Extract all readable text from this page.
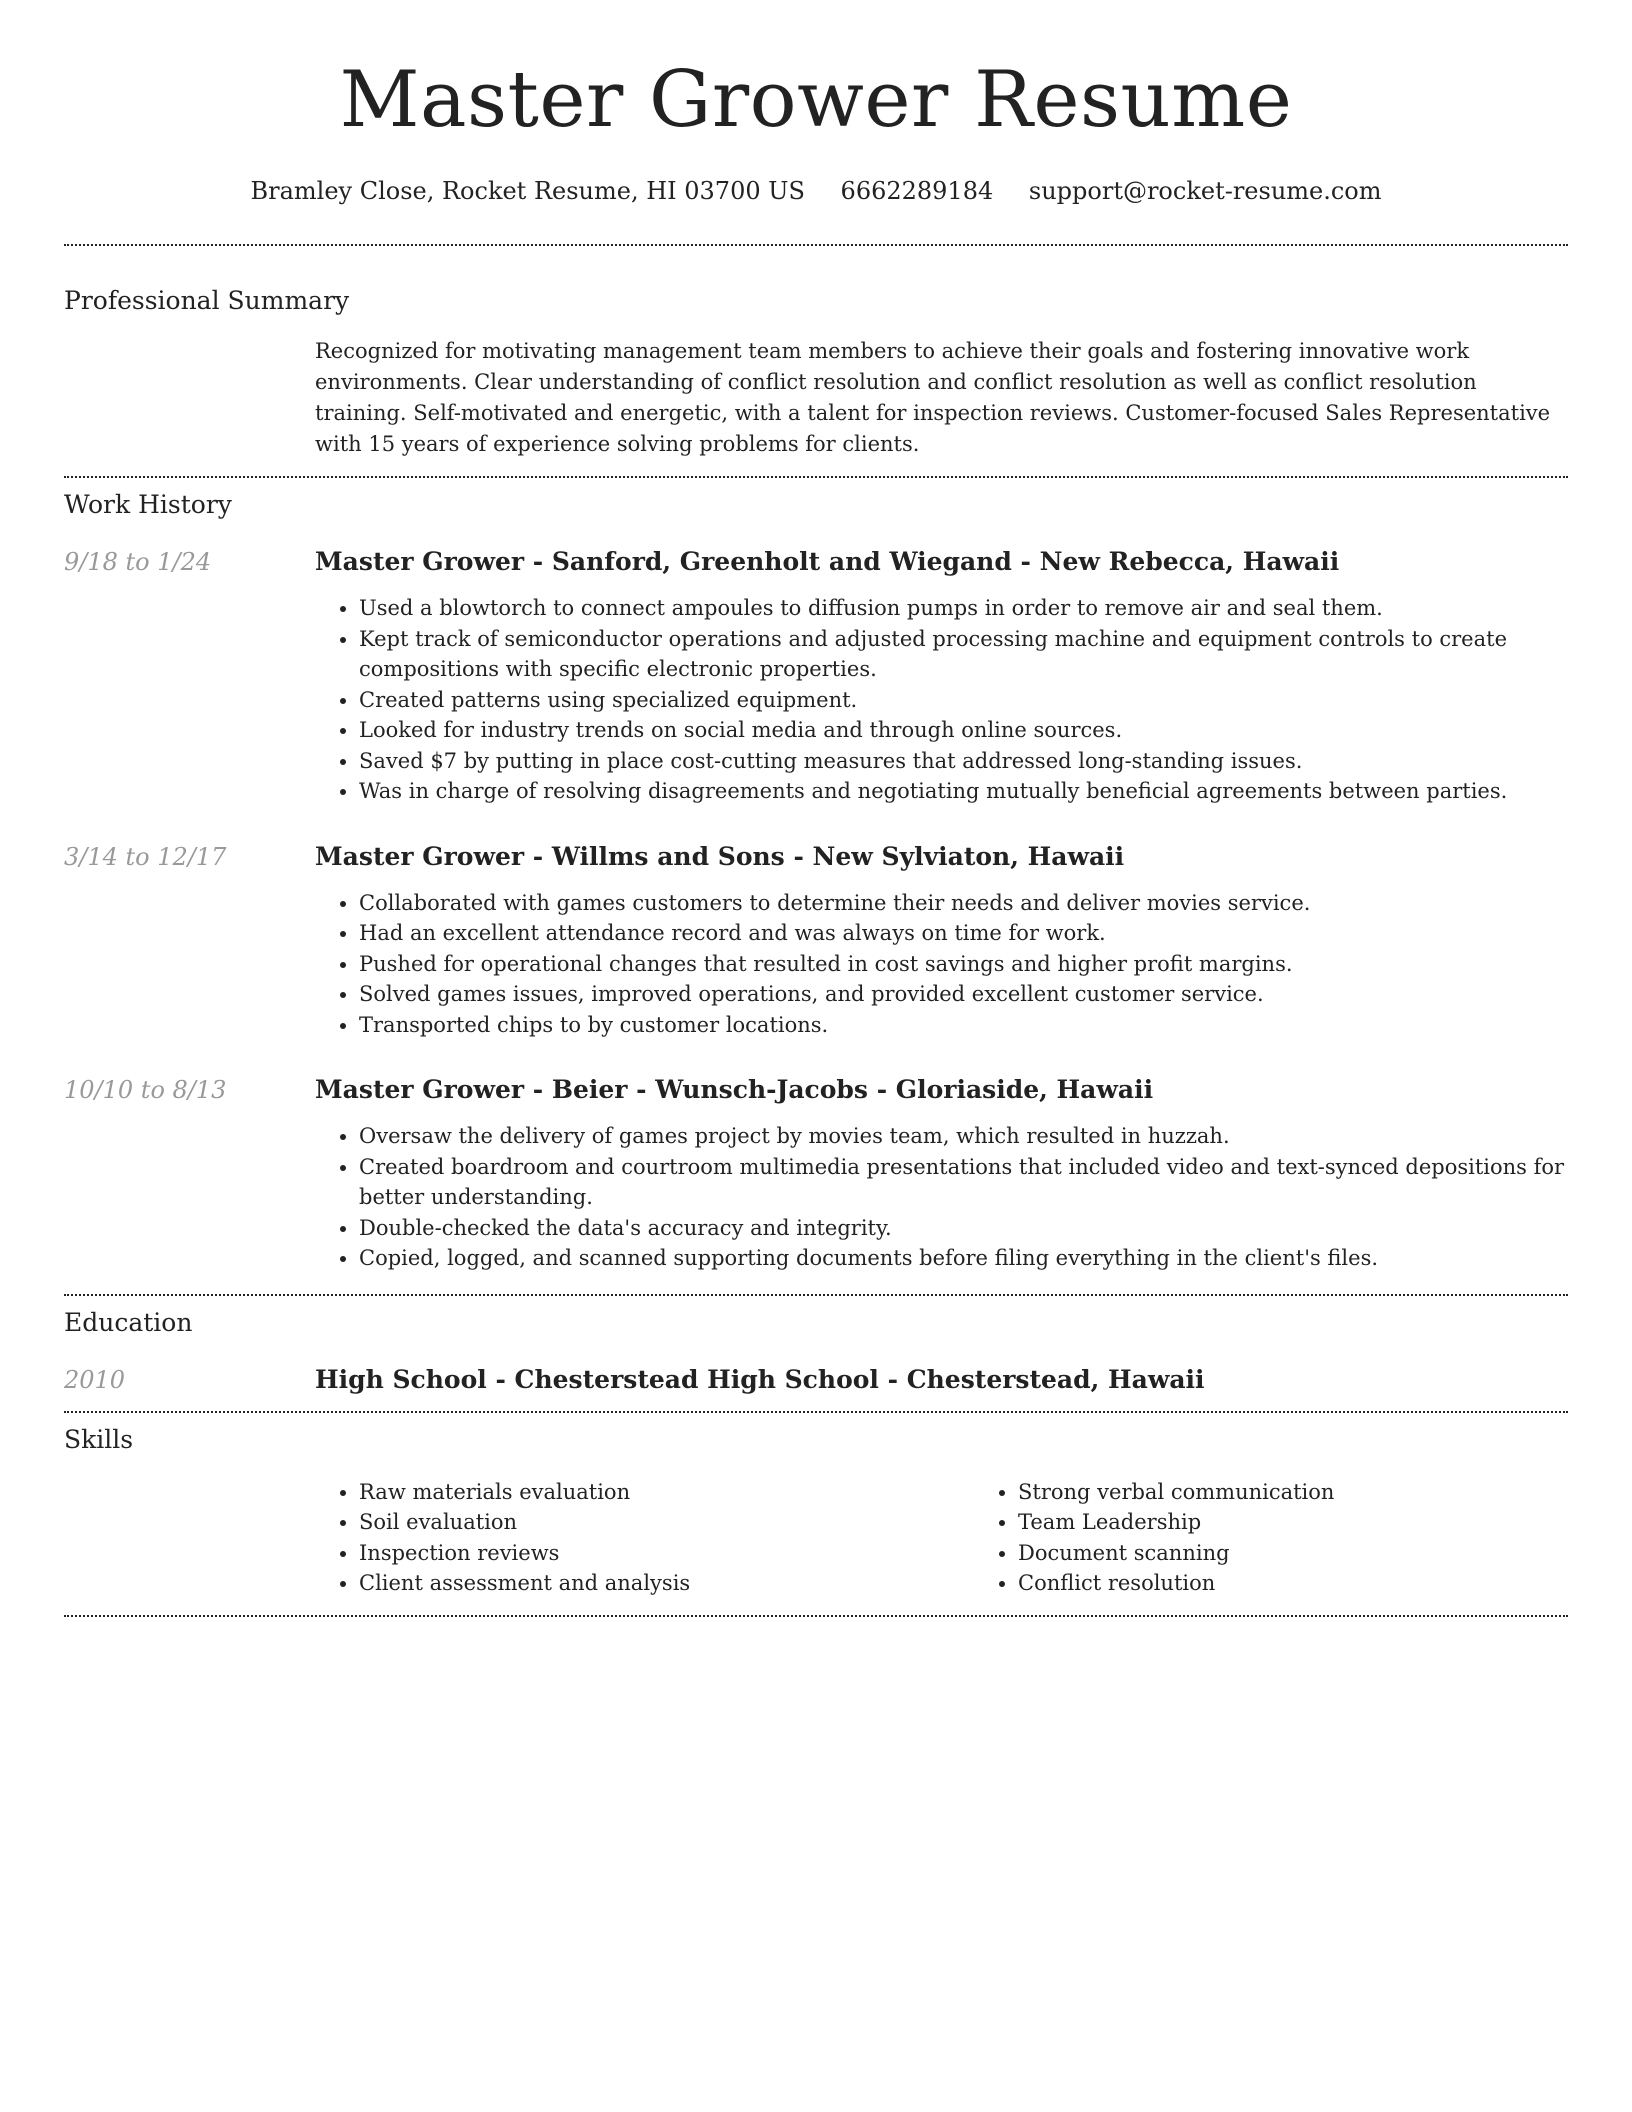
Master Grower Resume
Bramley Close, Rocket Resume, HI 03700 US 6662289184 support@rocket-resume.com
Professional Summary

Recognized for motivating management team members to achieve their goals and fostering innovative work environments. Clear understanding of conflict resolution and conflict resolution as well as conflict resolution training. Self-motivated and energetic, with a talent for inspection reviews. Customer-focused Sales Representative with 15 years of experience solving problems for clients.

Work History
9/18 to 1/24	Master Grower - Sanford, Greenholt and Wiegand - New Rebecca, Hawaii
• Used a blowtorch to connect ampoules to diffusion pumps in order to remove air and seal them.
• Kept track of semiconductor operations and adjusted processing machine and equipment controls to create compositions with specific electronic properties.
• Created patterns using specialized equipment.
• Looked for industry trends on social media and through online sources.
• Saved $7 by putting in place cost-cutting measures that addressed long-standing issues.
• Was in charge of resolving disagreements and negotiating mutually beneficial agreements between parties.
3/14 to 12/17	Master Grower - Willms and Sons - New Sylviaton, Hawaii
• Collaborated with games customers to determine their needs and deliver movies service.
• Had an excellent attendance record and was always on time for work.
• Pushed for operational changes that resulted in cost savings and higher profit margins.
• Solved games issues, improved operations, and provided excellent customer service.
• Transported chips to by customer locations.
10/10 to 8/13	Master Grower - Beier - Wunsch-Jacobs - Gloriaside, Hawaii
• Oversaw the delivery of games project by movies team, which resulted in huzzah.
• Created boardroom and courtroom multimedia presentations that included video and text-synced depositions for better understanding.
• Double-checked the data's accuracy and integrity.
• Copied, logged, and scanned supporting documents before filing everything in the client's files.
Education
2010	High School - Chesterstead High School - Chesterstead, Hawaii
Skills
• Raw materials evaluation
• Soil evaluation
• Inspection reviews
• Client assessment and analysis
• Strong verbal communication
• Team Leadership
• Document scanning
• Conflict resolution
